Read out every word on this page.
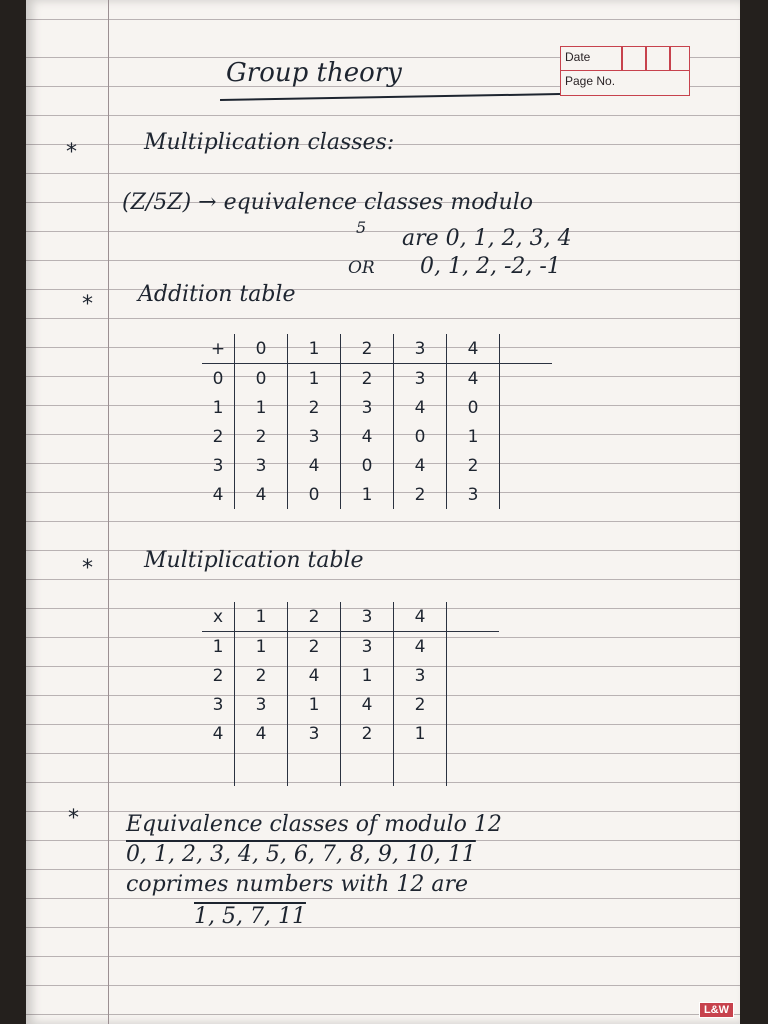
Date
Page No.
Group theory
*	Multiplication classes:
(Z/5Z) → equivalence classes modulo
5 are 0, 1, 2, 3, 4
OR 0, 1, 2, -2, -1
* Addition table
+	0	1	2	3	4	
0	0	1	2	3	4	
1	1	2	3	4	0	
2	2	3	4	0	1	
3	3	4	0	4	2	
4	4	0	1	2	3	
* Multiplication table
x	1	2	3	4	
1	1	2	3	4	
2	2	4	1	3	
3	3	1	4	2	
4	4	3	2	1	

* Equivalence classes of modulo 12
0, 1, 2, 3, 4, 5, 6, 7, 8, 9, 10, 11
coprimes numbers with 12 are
1, 5, 7, 11
L&W
